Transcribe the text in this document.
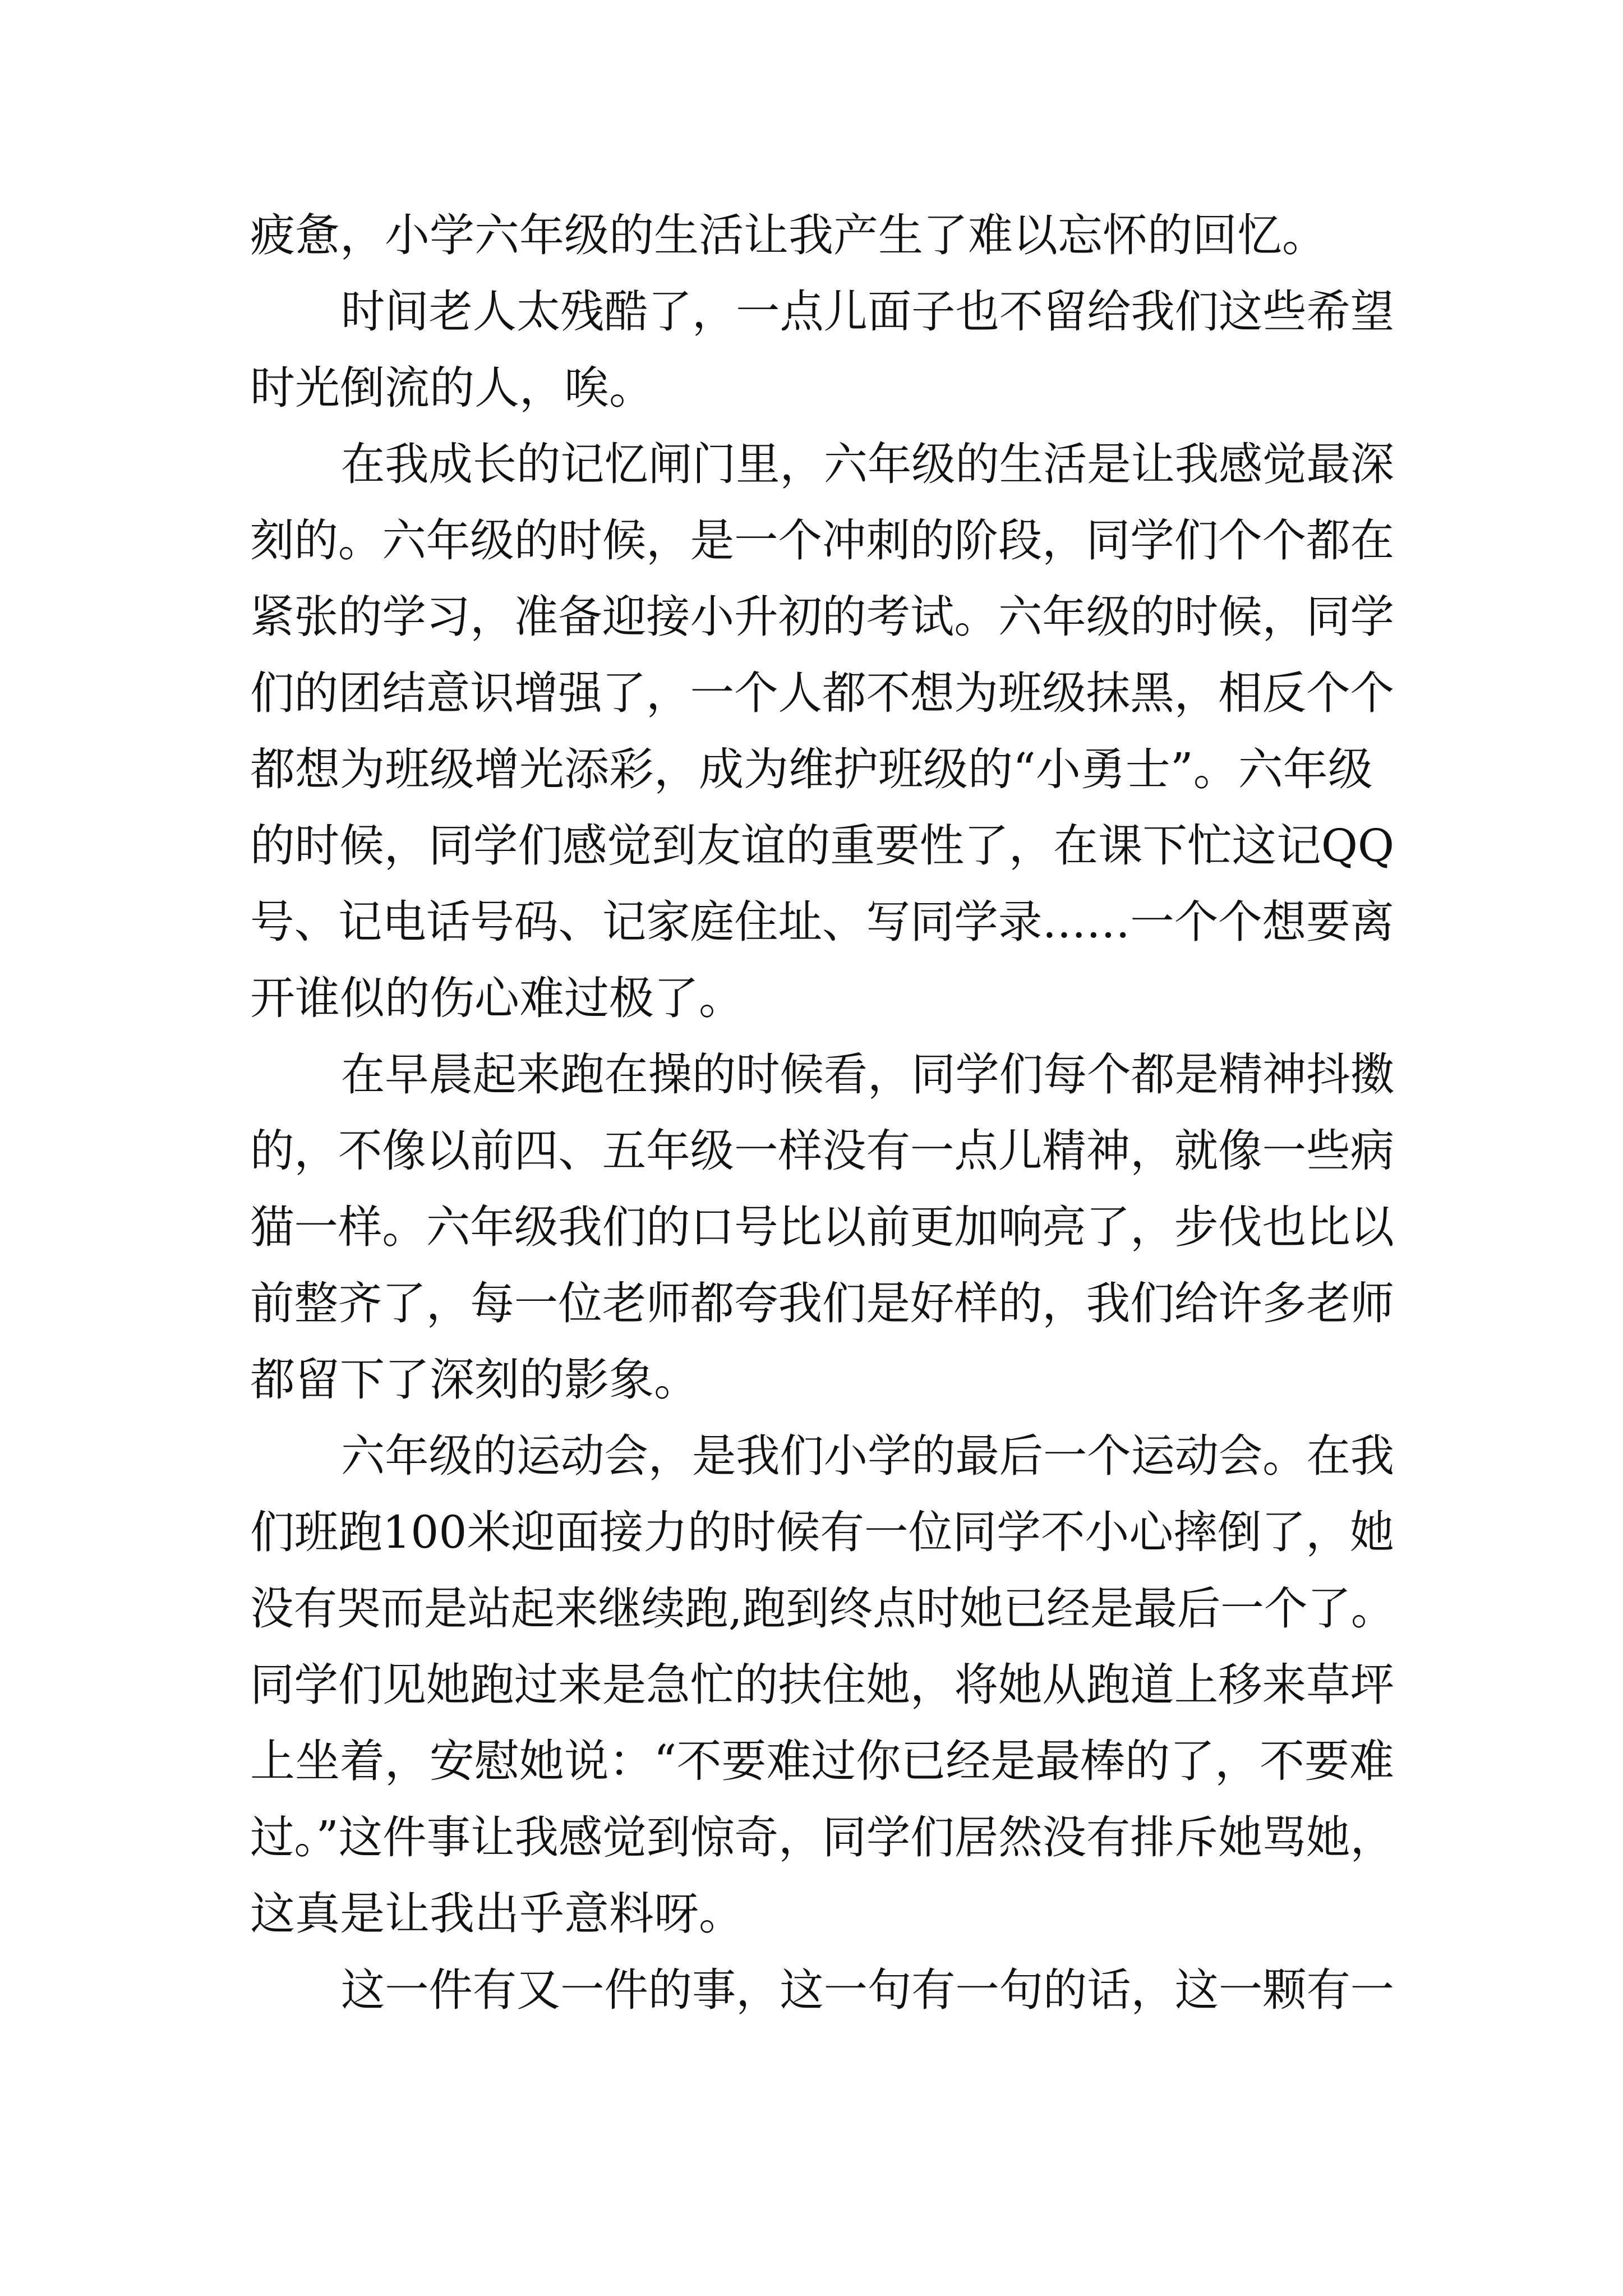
疲惫，小学六年级的生活让我产生了难以忘怀的回忆。
时间老人太残酷了，一点儿面子也不留给我们这些希望
时光倒流的人，唉。
在我成长的记忆闸门里，六年级的生活是让我感觉最深
刻的。六年级的时候，是一个冲刺的阶段，同学们个个都在
紧张的学习，准备迎接小升初的考试。六年级的时候，同学
们的团结意识增强了，一个人都不想为班级抹黑，相反个个
都想为班级增光添彩，成为维护班级的“小勇士”。六年级
的时候，同学们感觉到友谊的重要性了，在课下忙这记QQ
号、记电话号码、记家庭住址、写同学录……一个个想要离
开谁似的伤心难过极了。
在早晨起来跑在操的时候看，同学们每个都是精神抖擞
的，不像以前四、五年级一样没有一点儿精神，就像一些病
猫一样。六年级我们的口号比以前更加响亮了，步伐也比以
前整齐了，每一位老师都夸我们是好样的，我们给许多老师
都留下了深刻的影象。
六年级的运动会，是我们小学的最后一个运动会。在我
们班跑100米迎面接力的时候有一位同学不小心摔倒了，她
没有哭而是站起来继续跑,跑到终点时她已经是最后一个了。
同学们见她跑过来是急忙的扶住她，将她从跑道上移来草坪
上坐着，安慰她说：“不要难过你已经是最棒的了，不要难
过。”这件事让我感觉到惊奇，同学们居然没有排斥她骂她，
这真是让我出乎意料呀。
这一件有又一件的事，这一句有一句的话，这一颗有一
